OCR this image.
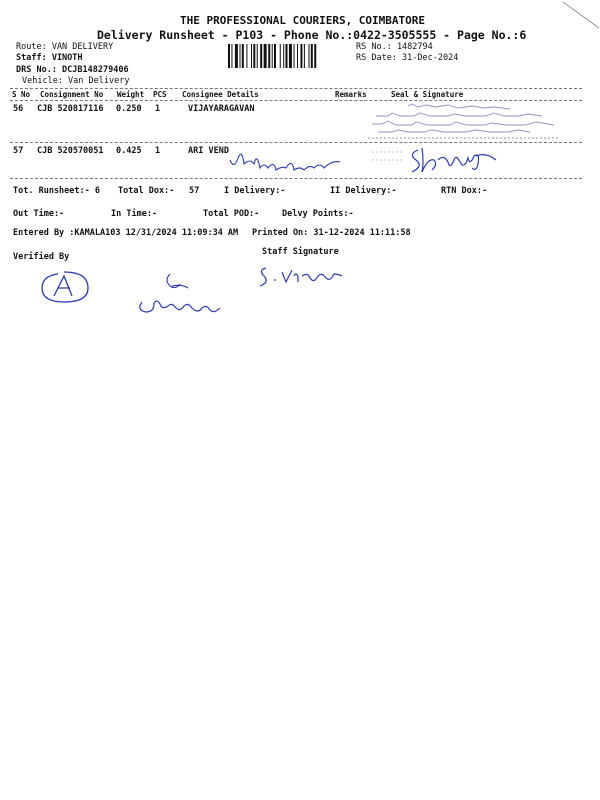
THE PROFESSIONAL COURIERS, COIMBATORE
Delivery Runsheet - P103 - Phone No.:0422-3505555 - Page No.:6
Route: VAN DELIVERY
Staff: VINOTH
DRS No.: DCJB148279406
Vehicle: Van Delivery
RS No.: 1482794
RS Date: 31-Dec-2024
S No Consignment No Weight PCS Consignee Details	Remarks	Seal & Signature
56 CJB 520817116 0.250 1	VIJAYARAGAVAN
57 CJB 520570051 0.425 1	ARI VEND
Tot. Runsheet:- 6 Total Dox:- 57	I Delivery:-	II Delivery:-	RTN Dox:-
Out Time:-	In Time:-	Total POD:-	Delvy Points:-
Entered By :KAMALA103 12/31/2024 11:09:34 AM Printed On: 31-12-2024 11:11:58
Verified By	Staff Signature
